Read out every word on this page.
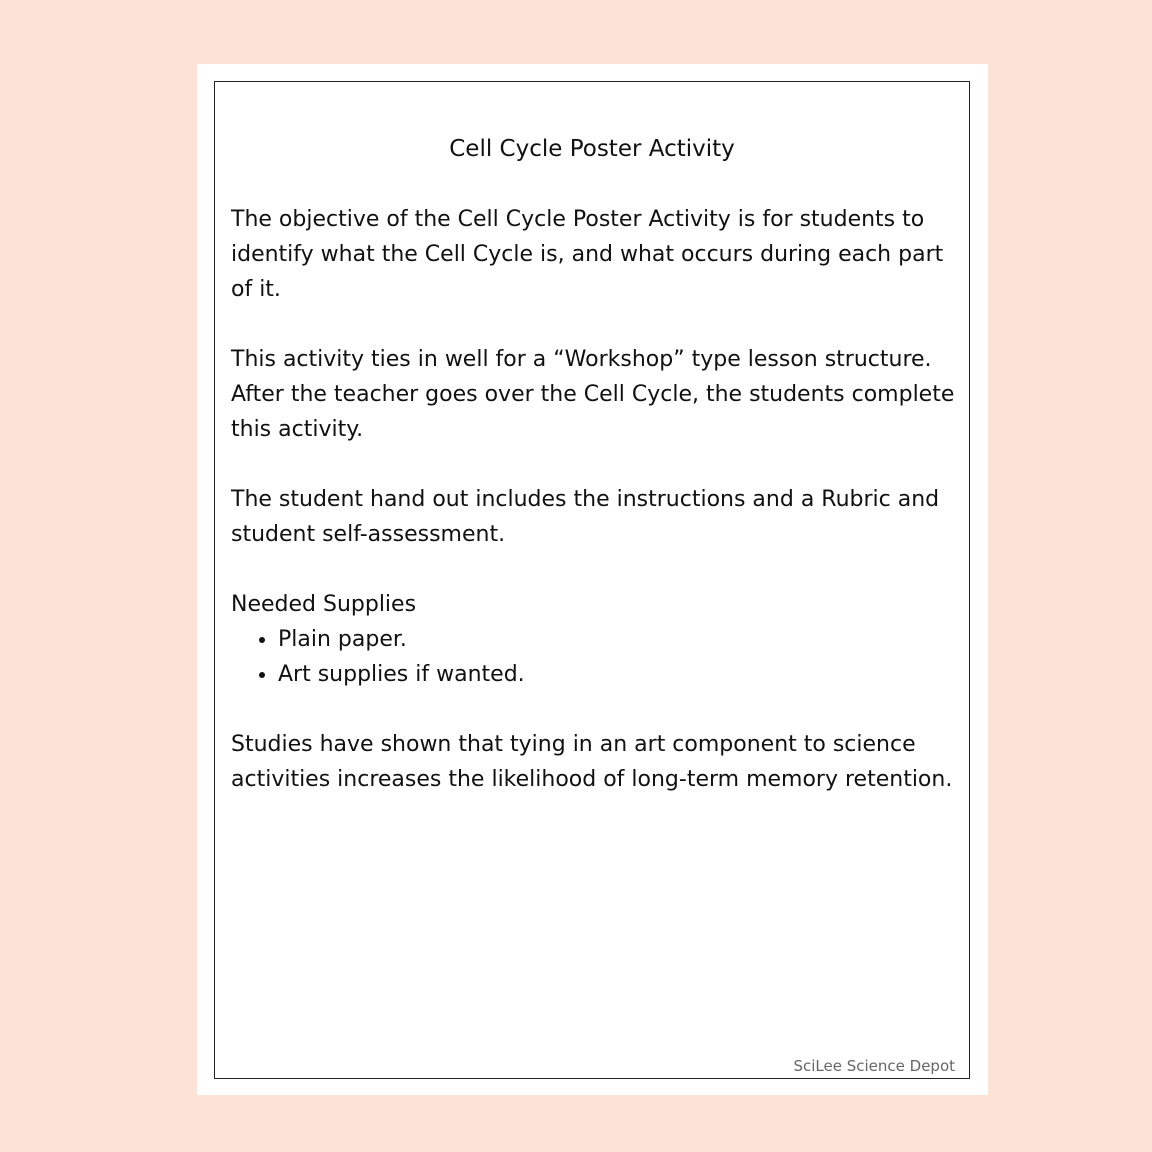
Cell Cycle Poster Activity

The objective of the Cell Cycle Poster Activity is for students to identify what the Cell Cycle is, and what occurs during each part of it.

This activity ties in well for a “Workshop” type lesson structure. After the teacher goes over the Cell Cycle, the students complete this activity.

The student hand out includes the instructions and a Rubric and student self-assessment.

Needed Supplies
• Plain paper.
• Art supplies if wanted.

Studies have shown that tying in an art component to science activities increases the likelihood of long-term memory retention.

SciLee Science Depot
